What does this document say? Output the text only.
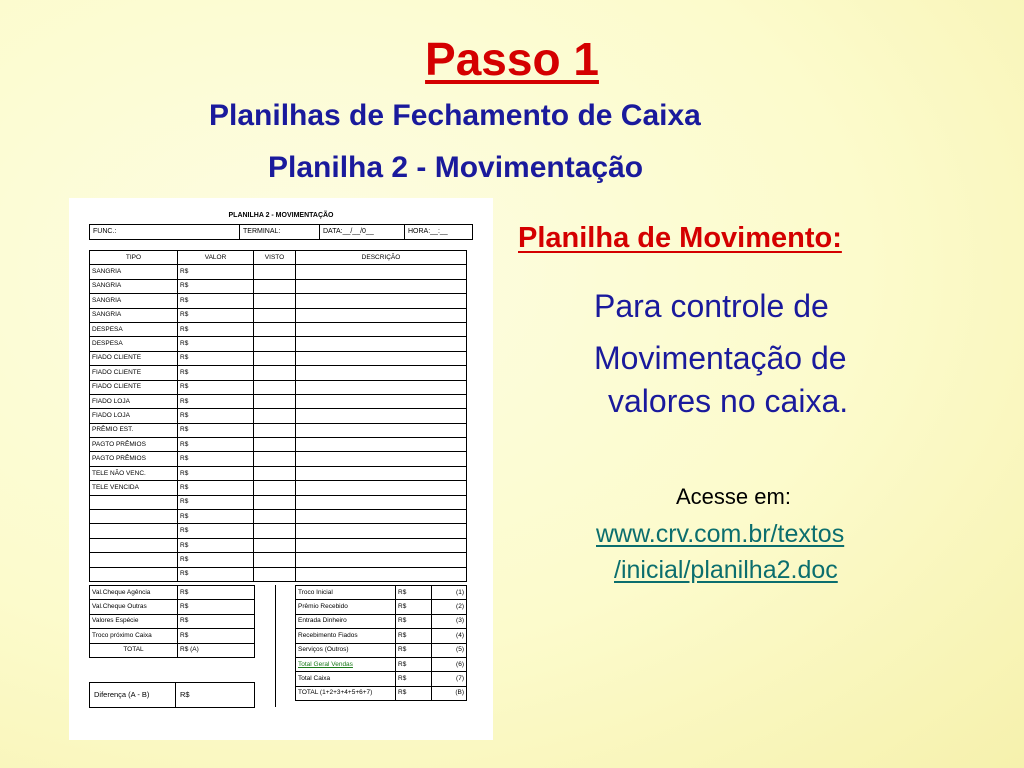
Passo 1
Planilhas de Fechamento de Caixa
Planilha 2 - Movimentação
PLANILHA 2 - MOVIMENTAÇÃO
FUNC.:	TERMINAL:	DATA:__/__/0__	HORA:__:__
TIPO	VALOR	VISTO	DESCRIÇÃO
SANGRIA	R$		
SANGRIA	R$		
SANGRIA	R$		
SANGRIA	R$		
DESPESA	R$		
DESPESA	R$		
FIADO CLIENTE	R$		
FIADO CLIENTE	R$		
FIADO CLIENTE	R$		
FIADO LOJA	R$		
FIADO LOJA	R$		
PRÊMIO EST.	R$		
PAGTO PRÊMIOS	R$		
PAGTO PRÊMIOS	R$		
TELE NÃO VENC.	R$		
TELE VENCIDA	R$		
	R$		
	R$		
	R$		
	R$		
	R$		
	R$		
Val.Cheque Agência	R$
Val.Cheque Outras	R$
Valores Espécie	R$
Troco próximo Caixa	R$
TOTAL	R$ (A)
Troco Inicial	R$	(1)
Prêmio Recebido	R$	(2)
Entrada Dinheiro	R$	(3)
Recebimento Fiados	R$	(4)
Serviços (Outros)	R$	(5)
Total Geral Vendas	R$	(6)
Total Caixa	R$	(7)
TOTAL (1+2+3+4+5+6+7)	R$	(B)
Diferença (A - B)	R$
Planilha de Movimento:
Para controle de
Movimentação de
valores no caixa.
Acesse em:
www.crv.com.br/textos
/inicial/planilha2.doc
